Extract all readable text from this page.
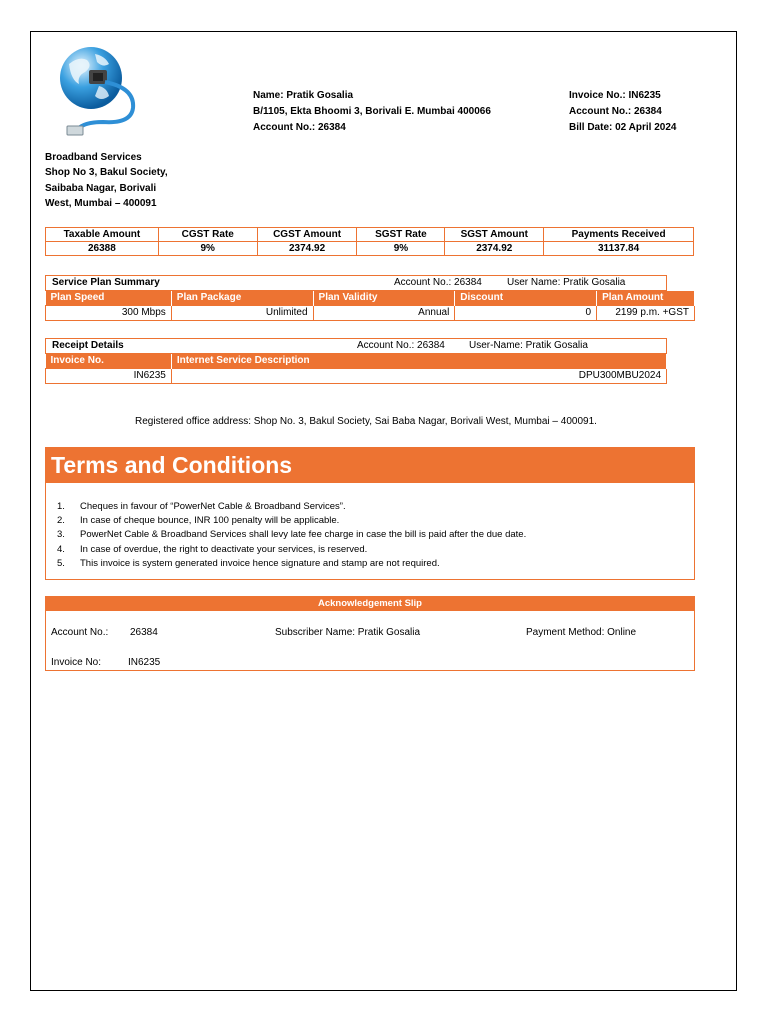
Name: Pratik Gosalia
B/1105, Ekta Bhoomi 3, Borivali E. Mumbai 400066
Account No.: 26384
Invoice No.: IN6235
Account No.: 26384
Bill Date: 02 April 2024
Broadband Services
Shop No 3, Bakul Society,
Saibaba Nagar, Borivali
West, Mumbai – 400091
Taxable Amount	CGST Rate	CGST Amount	SGST Rate	SGST Amount	Payments Received
26388	9%	2374.92	9%	2374.92	31137.84
Service Plan Summary	Account No.: 26384	User Name: Pratik Gosalia
Plan Speed	Plan Package	Plan Validity	Discount	Plan Amount
300 Mbps	Unlimited	Annual	0	2199 p.m. +GST
Receipt Details	Account No.: 26384 User-Name: Pratik Gosalia
Invoice No.	Internet Service Description
IN6235	DPU300MBU2024
Registered office address: Shop No. 3, Bakul Society, Sai Baba Nagar, Borivali West, Mumbai – 400091.
Terms and Conditions
1. Cheques in favour of “PowerNet Cable & Broadband Services”.
2. In case of cheque bounce, INR 100 penalty will be applicable.
3. PowerNet Cable & Broadband Services shall levy late fee charge in case the bill is paid after the due date.
4. In case of overdue, the right to deactivate your services, is reserved.
5. This invoice is system generated invoice hence signature and stamp are not required.
Acknowledgement Slip
Account No.: 26384	Subscriber Name: Pratik Gosalia	Payment Method: Online
Invoice No:	IN6235
